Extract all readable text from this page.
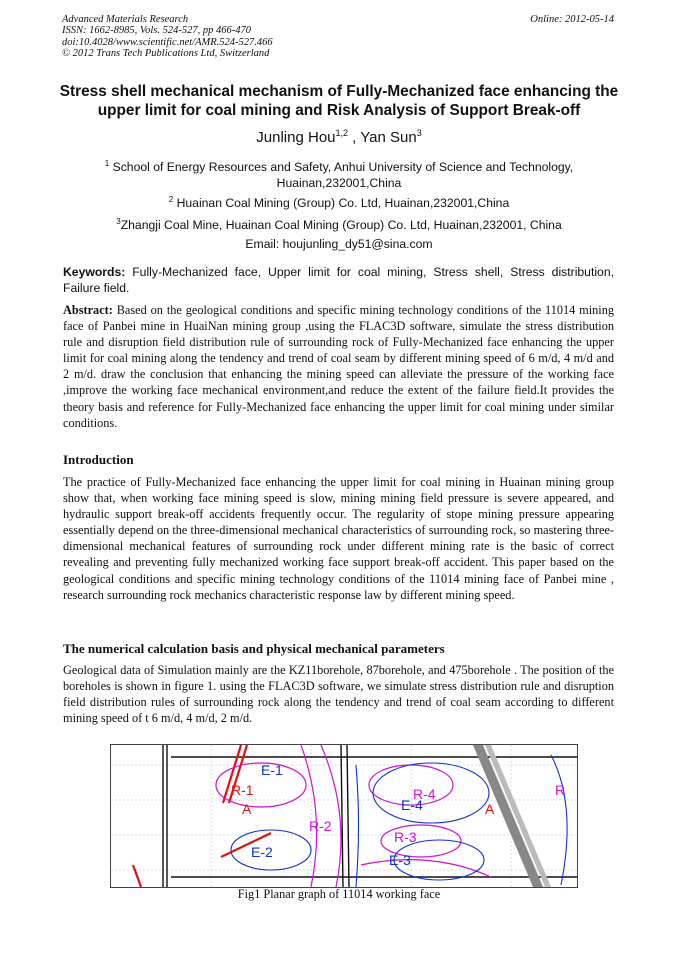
Advanced Materials Research
ISSN: 1662-8985, Vols. 524-527, pp 466-470
doi:10.4028/www.scientific.net/AMR.524-527.466
© 2012 Trans Tech Publications Ltd, Switzerland
Online: 2012-05-14
Stress shell mechanical mechanism of Fully-Mechanized face enhancing the upper limit for coal mining and Risk Analysis of Support Break-off
Junling Hou$^{1,2}$ , Yan Sun$^3$
$^1$ School of Energy Resources and Safety, Anhui University of Science and Technology, Huainan,232001,China
$^2$ Huainan Coal Mining (Group) Co. Ltd, Huainan,232001,China
$^3$Zhangji Coal Mine, Huainan Coal Mining (Group) Co. Ltd, Huainan,232001, China
Email: houjunling_dy51@sina.com
Keywords: Fully-Mechanized face, Upper limit for coal mining, Stress shell, Stress distribution, Failure field.
Abstract: Based on the geological conditions and specific mining technology conditions of the 11014 mining face of Panbei mine in HuaiNan mining group ,using the FLAC3D software, simulate the stress distribution rule and disruption field distribution rule of surrounding rock of Fully-Mechanized face enhancing the upper limit for coal mining along the tendency and trend of coal seam by different mining speed of 6 m/d, 4 m/d and 2 m/d. draw the conclusion that enhancing the mining speed can alleviate the pressure of the working face ,improve the working face mechanical environment,and reduce the extent of the failure field.It provides the theory basis and reference for Fully-Mechanized face enhancing the upper limit for coal mining under similar conditions.
Introduction
The practice of Fully-Mechanized face enhancing the upper limit for coal mining in Huainan mining group show that, when working face mining speed is slow, mining mining field pressure is severe appeared, and hydraulic support break-off accidents frequently occur. The regularity of stope mining pressure appearing essentially depend on the three-dimensional mechanical characteristics of surrounding rock, so mastering three-dimensional mechanical features of surrounding rock under different mining rate is the basic of correct revealing and preventing fully mechanized working face support break-off accident. This paper based on the geological conditions and specific mining technology conditions of the 11014 mining face of Panbei mine , research surrounding rock mechanics characteristic response law by different mining speed.
The numerical calculation basis and physical mechanical parameters
Geological data of Simulation mainly are the KZ11borehole, 87borehole, and 475borehole . The position of the boreholes is shown in figure 1. using the FLAC3D software, we simulate stress distribution rule and disruption field distribution rules of surrounding rock along the tendency and trend of coal seam according to different mining speed of t 6 m/d, 4 m/d, 2 m/d.
E-1
R-1
A
R-2
E-2
R-4
E-4	A
R-3
E-3
R
Fig1 Planar graph of 11014 working face
